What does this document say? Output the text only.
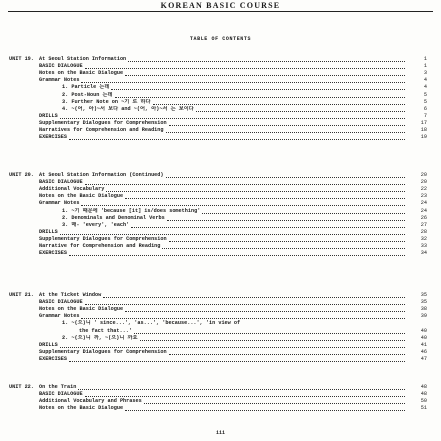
KOREAN BASIC COURSE
TABLE OF CONTENTS
UNIT 19. At Seoul Station Information	1
BASIC DIALOGUE	1
Notes on the Basic Dialogue	3
Grammar Notes	4
1. Particle 는데	4
2. Post-Noun 는데	5
3. Further Note on ~기 로 하다	5
4. ~(어, 아)~서 보다 and ~(어, 아)~서 는 보이다	6
DRILLS	7
Supplementary Dialogues for Comprehension	17
Narratives for Comprehension and Reading	18
EXERCISES	19
UNIT 20. At Seoul Station Information (Continued)	20
BASIC DIALOGUE	20
Additional Vocabulary	22
Notes on the Basic Dialogue	23
Grammar Notes	24
1. ~기 때문에 'because [it] is/does something'	24
2. Denominals and Denominal Verbs	26
3. 매- 'every', 'each'	27
DRILLS	28
Supplementary Dialogues for Comprehension	32
Narrative for Comprehension and Reading	33
EXERCISES	34
UNIT 21. At the Ticket Window	35
BASIC DIALOGUE	35
Notes on the Basic Dialogue	38
Grammar Notes	39
1. ~(으)니 ' since...', 'as...', 'because...', 'in view of
the fact that...'	40
2. ~(으)니 까, ~(으)니 까요	40
DRILLS	41
Supplementary Dialogues for Comprehension	46
EXERCISES	47
UNIT 22. On the Train	48
BASIC DIALOGUE	48
Additional Vocabulary and Phrases	50
Notes on the Basic Dialogue	51
iii
